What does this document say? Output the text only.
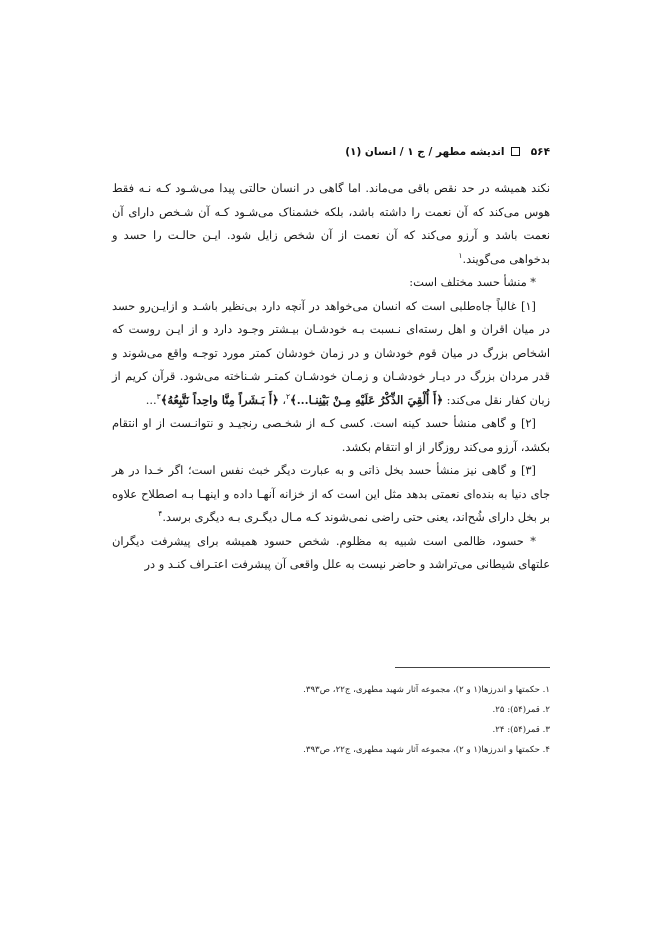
۵۶۴  اندیشه مطهر / ج ۱ / انسان (۱)

نکند همیشه در حد نقص باقی می‌ماند. اما گاهی در انسان حالتی پیدا می‌شـود کـه نـه فقط هوس می‌کند که آن نعمت را داشته باشد، بلکه خشمناک می‌شـود کـه آن شـخص دارای آن نعمت باشد و آرزو می‌کند که آن نعمت از آن شخص زایل شود. ایـن حالـت را حسد و بدخواهی می‌گویند.$^۱$

* منشأ حسد مختلف است:

[۱] غالباً جاه‌طلبی است که انسان می‌خواهد در آنچه دارد بی‌نظیر باشـد و ازایـن‌رو حسد در میان اقران و اهل رسته‌ای نـسبت بـه خودشـان بیـشتر وجـود دارد و از ایـن روست که اشخاص بزرگ در میان قوم خودشان و در زمان خودشان کمتر مورد توجـه واقع می‌شوند و قدر مردان بزرگ در دیـار خودشـان و زمـان خودشـان کمتـر شـناخته می‌شود. قرآن کریم از زبان کفار نقل می‌کند: ﴿أَ أُلْقِيَ الذِّكْرُ عَلَيْهِ مِـنْ بَيْنِنـا...﴾$^۲$، ﴿أَ بَـشَراً مِنَّا واحِداً نَتَّبِعُهُ﴾$^۳$...

[۲] و گاهی منشأ حسد کینه است. کسی کـه از شخـصی رنجیـد و نتوانـست از او انتقام بکشد، آرزو می‌کند روزگار از او انتقام بکشد.

[۳] و گاهی نیز منشأ حسد بخل ذاتی و به عبارت دیگر خبث نفس است؛ اگر خـدا در هر جای دنیا به بنده‌ای نعمتی بدهد مثل این است که از خزانه آنهـا داده و اینهـا بـه اصطلاح علاوه بر بخل دارای شُح‌اند، یعنی حتی راضی نمی‌شوند کـه مـال دیگـری بـه دیگری برسد.$^۴$

* حسود، ظالمی است شبیه به مظلوم. شخص حسود همیشه برای پیشرفت دیگران علتهای شیطانی می‌تراشد و حاضر نیست به علل واقعی آن پیشرفت اعتـراف کنـد و در

۱. حکمتها و اندرزها(۱ و ۲)، مجموعه آثار شهید مطهری، ج۲۲، ص۳۹۳.
۲. قمر(۵۴): ۲۵.
۳. قمر(۵۴): ۲۴.
۴. حکمتها و اندرزها(۱ و ۲)، مجموعه آثار شهید مطهری، ج۲۲، ص۳۹۳.
